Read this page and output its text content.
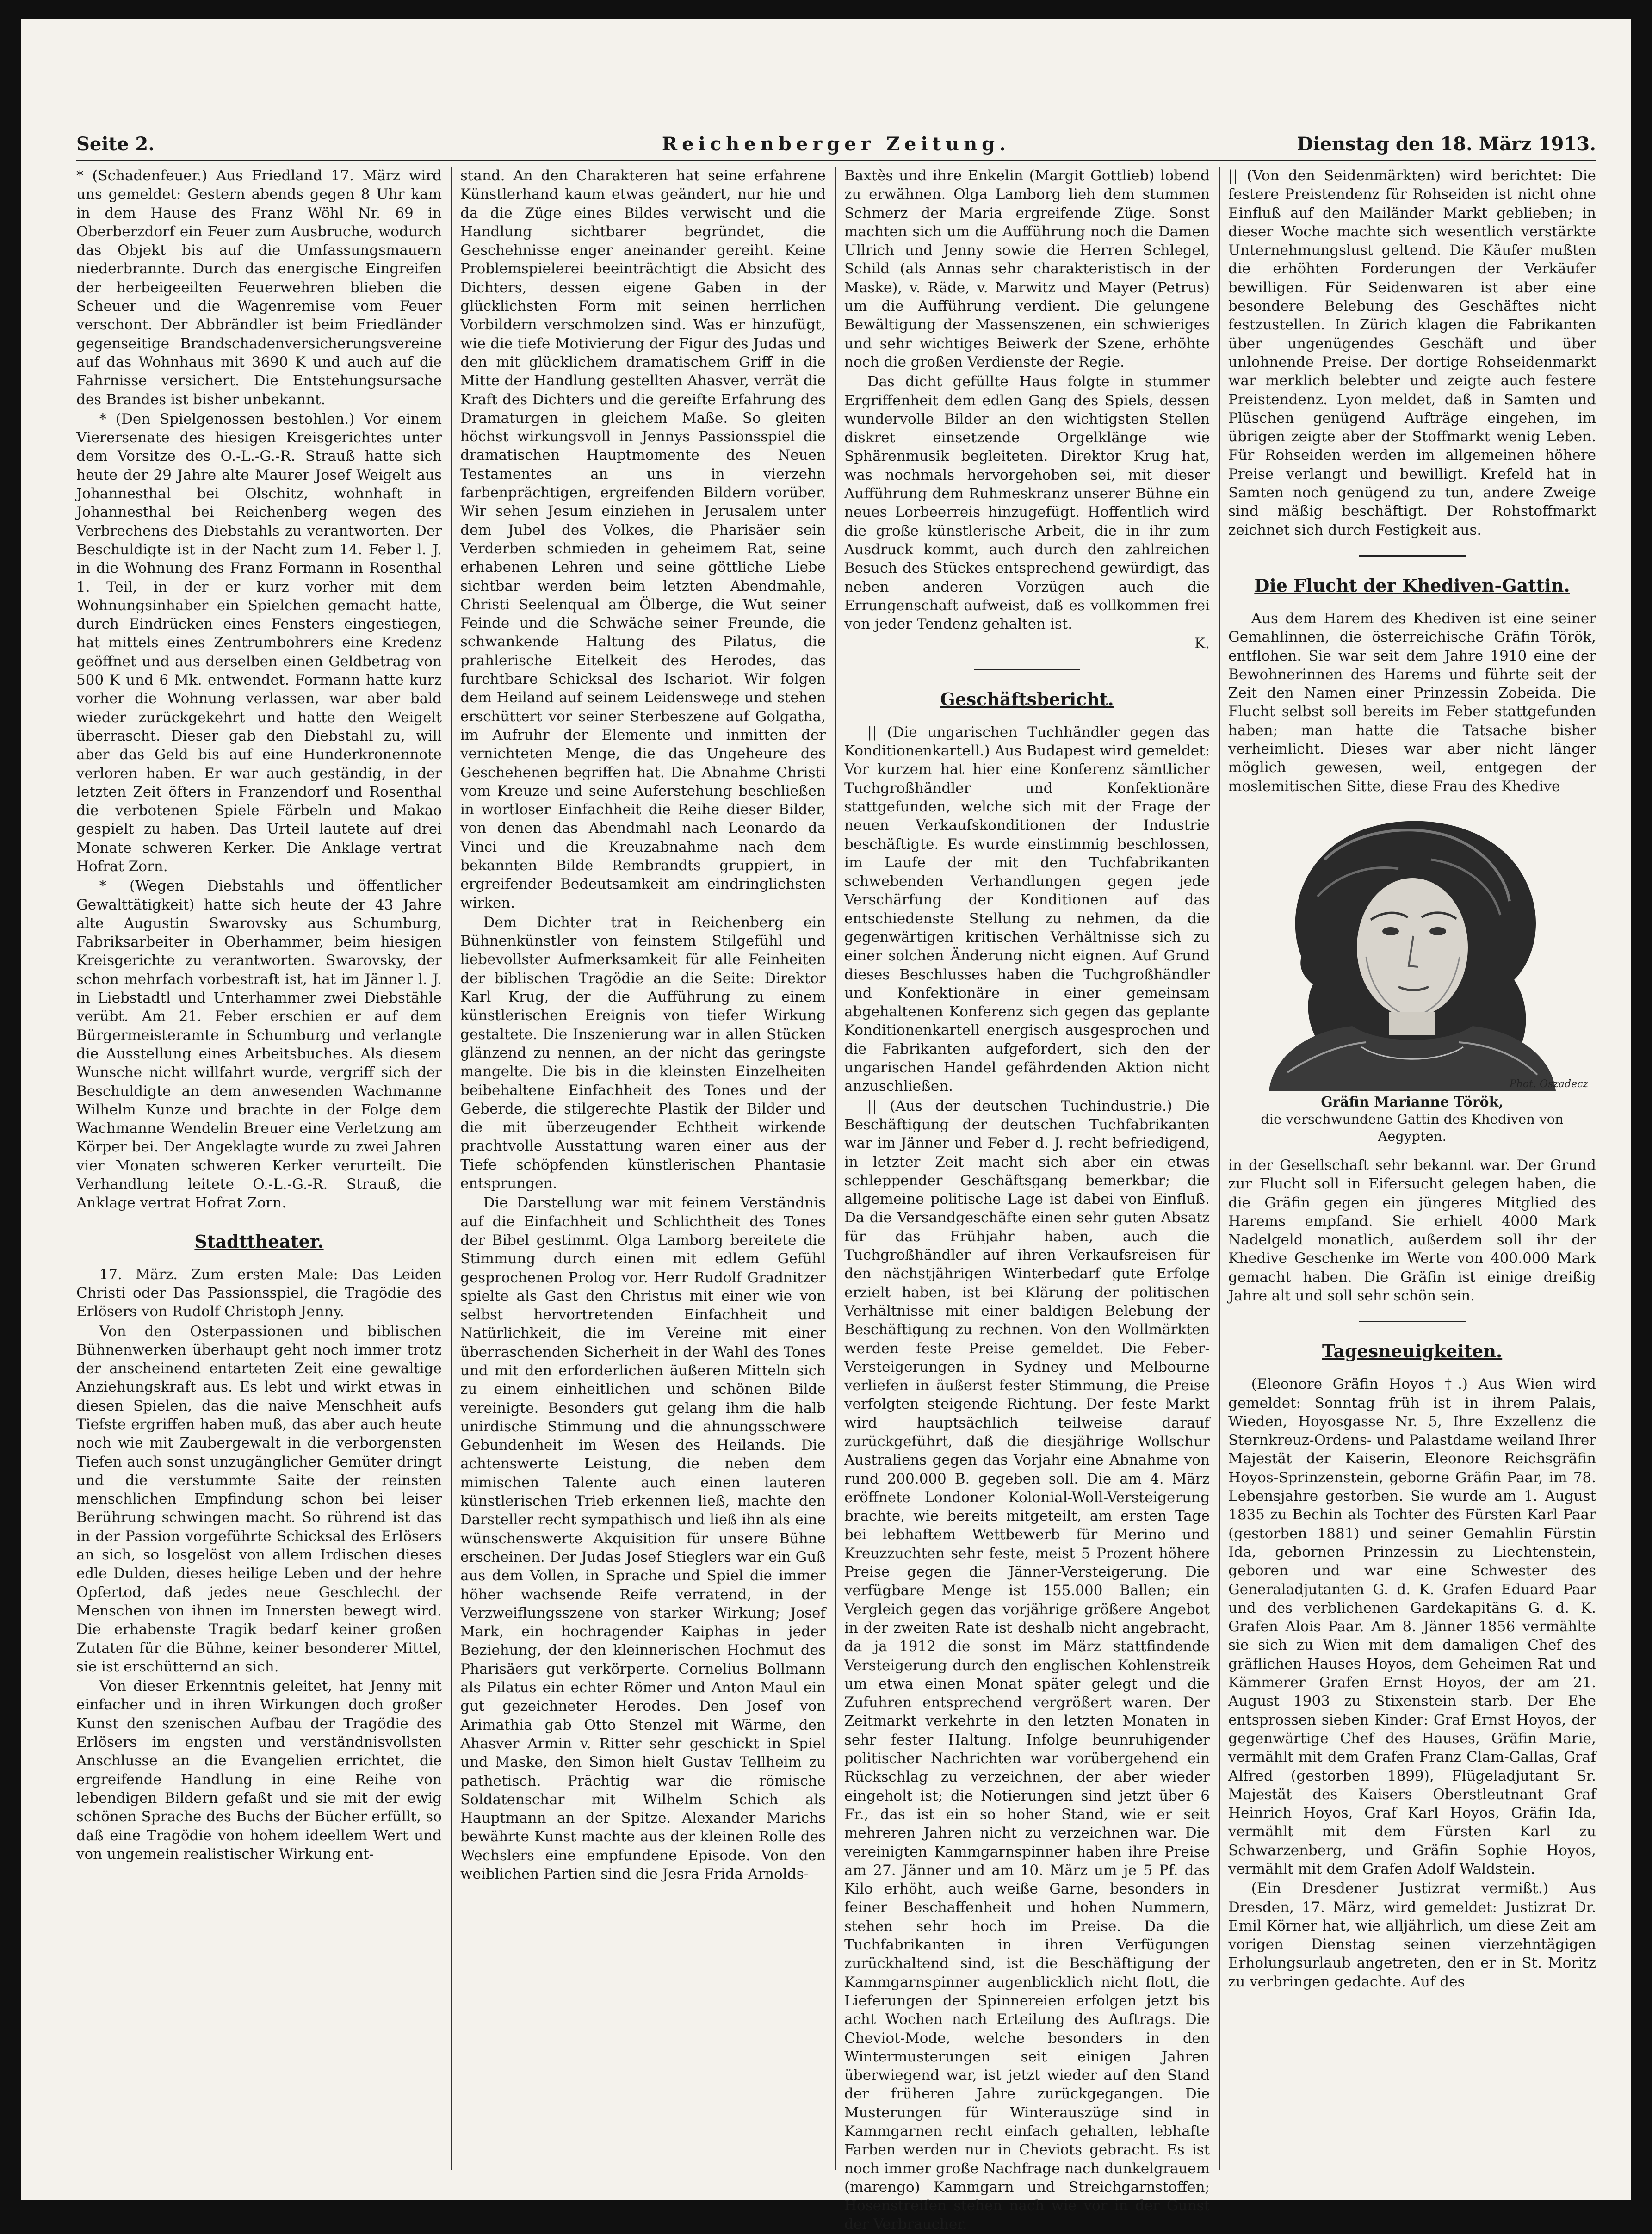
Seite 2.	Reichenberger Zeitung.	Dienstag den 18. März 1913.

* (Schadenfeuer.) Aus Friedland 17. März wird uns gemeldet: Gestern abends gegen 8 Uhr kam in dem Hause des Franz Wöhl Nr. 69 in Oberberzdorf ein Feuer zum Ausbruche, wodurch das Objekt bis auf die Umfassungsmauern niederbrannte. Durch das energische Eingreifen der herbeigeeilten Feuerwehren blieben die Scheuer und die Wagenremise vom Feuer verschont. Der Abbrändler ist beim Friedländer gegenseitige Brandschadenversicherungsvereine auf das Wohnhaus mit 3690 K und auch auf die Fahrnisse versichert. Die Entstehungsursache des Brandes ist bisher unbekannt.

* (Den Spielgenossen bestohlen.) Vor einem Vierersenate des hiesigen Kreisgerichtes unter dem Vorsitze des O.-L.-G.-R. Strauß hatte sich heute der 29 Jahre alte Maurer Josef Weigelt aus Johannesthal bei Olschitz, wohnhaft in Johannesthal bei Reichenberg wegen des Verbrechens des Diebstahls zu verantworten. Der Beschuldigte ist in der Nacht zum 14. Feber l. J. in die Wohnung des Franz Formann in Rosenthal 1. Teil, in der er kurz vorher mit dem Wohnungsinhaber ein Spielchen gemacht hatte, durch Eindrücken eines Fensters eingestiegen, hat mittels eines Zentrumbohrers eine Kredenz geöffnet und aus derselben einen Geldbetrag von 500 K und 6 Mk. entwendet. Formann hatte kurz vorher die Wohnung verlassen, war aber bald wieder zurückgekehrt und hatte den Weigelt überrascht. Dieser gab den Diebstahl zu, will aber das Geld bis auf eine Hunderkronennote verloren haben. Er war auch geständig, in der letzten Zeit öfters in Franzendorf und Rosenthal die verbotenen Spiele Färbeln und Makao gespielt zu haben. Das Urteil lautete auf drei Monate schweren Kerker. Die Anklage vertrat Hofrat Zorn.

* (Wegen Diebstahls und öffentlicher Gewalttätigkeit) hatte sich heute der 43 Jahre alte Augustin Swarovsky aus Schumburg, Fabriksarbeiter in Oberhammer, beim hiesigen Kreisgerichte zu verantworten. Swarovsky, der schon mehrfach vorbestraft ist, hat im Jänner l. J. in Liebstadtl und Unterhammer zwei Diebstähle verübt. Am 21. Feber erschien er auf dem Bürgermeisteramte in Schumburg und verlangte die Ausstellung eines Arbeitsbuches. Als diesem Wunsche nicht willfahrt wurde, vergriff sich der Beschuldigte an dem anwesenden Wachmanne Wilhelm Kunze und brachte in der Folge dem Wachmanne Wendelin Breuer eine Verletzung am Körper bei. Der Angeklagte wurde zu zwei Jahren vier Monaten schweren Kerker verurteilt. Die Verhandlung leitete O.-L.-G.-R. Strauß, die Anklage vertrat Hofrat Zorn.

Stadttheater.

17. März. Zum ersten Male: Das Leiden Christi oder Das Passionsspiel, die Tragödie des Erlösers von Rudolf Christoph Jenny.

Von den Osterpassionen und biblischen Bühnenwerken überhaupt geht noch immer trotz der anscheinend entarteten Zeit eine gewaltige Anziehungskraft aus. Es lebt und wirkt etwas in diesen Spielen, das die naive Menschheit aufs Tiefste ergriffen haben muß, das aber auch heute noch wie mit Zaubergewalt in die verborgensten Tiefen auch sonst unzugänglicher Gemüter dringt und die verstummte Saite der reinsten menschlichen Empfindung schon bei leiser Berührung schwingen macht. So rührend ist das in der Passion vorgeführte Schicksal des Erlösers an sich, so losgelöst von allem Irdischen dieses edle Dulden, dieses heilige Leben und der hehre Opfertod, daß jedes neue Geschlecht der Menschen von ihnen im Innersten bewegt wird. Die erhabenste Tragik bedarf keiner großen Zutaten für die Bühne, keiner besonderer Mittel, sie ist erschütternd an sich.

Von dieser Erkenntnis geleitet, hat Jenny mit einfacher und in ihren Wirkungen doch großer Kunst den szenischen Aufbau der Tragödie des Erlösers im engsten und verständnisvollsten Anschlusse an die Evangelien errichtet, die ergreifende Handlung in eine Reihe von lebendigen Bildern gefaßt und sie mit der ewig schönen Sprache des Buchs der Bücher erfüllt, so daß eine Tragödie von hohem ideellem Wert und von ungemein realistischer Wirkung ent-

stand. An den Charakteren hat seine erfahrene Künstlerhand kaum etwas geändert, nur hie und da die Züge eines Bildes verwischt und die Handlung sichtbarer begründet, die Geschehnisse enger aneinander gereiht. Keine Problemspielerei beeinträchtigt die Absicht des Dichters, dessen eigene Gaben in der glücklichsten Form mit seinen herrlichen Vorbildern verschmolzen sind. Was er hinzufügt, wie die tiefe Motivierung der Figur des Judas und den mit glücklichem dramatischem Griff in die Mitte der Handlung gestellten Ahasver, verrät die Kraft des Dichters und die gereifte Erfahrung des Dramaturgen in gleichem Maße. So gleiten höchst wirkungsvoll in Jennys Passionsspiel die dramatischen Hauptmomente des Neuen Testamentes an uns in vierzehn farbenprächtigen, ergreifenden Bildern vorüber. Wir sehen Jesum einziehen in Jerusalem unter dem Jubel des Volkes, die Pharisäer sein Verderben schmieden in geheimem Rat, seine erhabenen Lehren und seine göttliche Liebe sichtbar werden beim letzten Abendmahle, Christi Seelenqual am Ölberge, die Wut seiner Feinde und die Schwäche seiner Freunde, die schwankende Haltung des Pilatus, die prahlerische Eitelkeit des Herodes, das furchtbare Schicksal des Ischariot. Wir folgen dem Heiland auf seinem Leidenswege und stehen erschüttert vor seiner Sterbeszene auf Golgatha, im Aufruhr der Elemente und inmitten der vernichteten Menge, die das Ungeheure des Geschehenen begriffen hat. Die Abnahme Christi vom Kreuze und seine Auferstehung beschließen in wortloser Einfachheit die Reihe dieser Bilder, von denen das Abendmahl nach Leonardo da Vinci und die Kreuzabnahme nach dem bekannten Bilde Rembrandts gruppiert, in ergreifender Bedeutsamkeit am eindringlichsten wirken.

Dem Dichter trat in Reichenberg ein Bühnenkünstler von feinstem Stilgefühl und liebevollster Aufmerksamkeit für alle Feinheiten der biblischen Tragödie an die Seite: Direktor Karl Krug, der die Aufführung zu einem künstlerischen Ereignis von tiefer Wirkung gestaltete. Die Inszenierung war in allen Stücken glänzend zu nennen, an der nicht das geringste mangelte. Die bis in die kleinsten Einzelheiten beibehaltene Einfachheit des Tones und der Geberde, die stilgerechte Plastik der Bilder und die mit überzeugender Echtheit wirkende prachtvolle Ausstattung waren einer aus der Tiefe schöpfenden künstlerischen Phantasie entsprungen.

Die Darstellung war mit feinem Verständnis auf die Einfachheit und Schlichtheit des Tones der Bibel gestimmt. Olga Lamborg bereitete die Stimmung durch einen mit edlem Gefühl gesprochenen Prolog vor. Herr Rudolf Gradnitzer spielte als Gast den Christus mit einer wie von selbst hervortretenden Einfachheit und Natürlichkeit, die im Vereine mit einer überraschenden Sicherheit in der Wahl des Tones und mit den erforderlichen äußeren Mitteln sich zu einem einheitlichen und schönen Bilde vereinigte. Besonders gut gelang ihm die halb unirdische Stimmung und die ahnungsschwere Gebundenheit im Wesen des Heilands. Die achtenswerte Leistung, die neben dem mimischen Talente auch einen lauteren künstlerischen Trieb erkennen ließ, machte den Darsteller recht sympathisch und ließ ihn als eine wünschenswerte Akquisition für unsere Bühne erscheinen. Der Judas Josef Stieglers war ein Guß aus dem Vollen, in Sprache und Spiel die immer höher wachsende Reife verratend, in der Verzweiflungsszene von starker Wirkung; Josef Mark, ein hochragender Kaiphas in jeder Beziehung, der den kleinnerischen Hochmut des Pharisäers gut verkörperte. Cornelius Bollmann als Pilatus ein echter Römer und Anton Maul ein gut gezeichneter Herodes. Den Josef von Arimathia gab Otto Stenzel mit Wärme, den Ahasver Armin v. Ritter sehr geschickt in Spiel und Maske, den Simon hielt Gustav Tellheim zu pathetisch. Prächtig war die römische Soldatenschar mit Wilhelm Schich als Hauptmann an der Spitze. Alexander Marichs bewährte Kunst machte aus der kleinen Rolle des Wechslers eine empfundene Episode. Von den weiblichen Partien sind die Jesra Frida Arnolds-

Baxtès und ihre Enkelin (Margit Gottlieb) lobend zu erwähnen. Olga Lamborg lieh dem stummen Schmerz der Maria ergreifende Züge. Sonst machten sich um die Aufführung noch die Damen Ullrich und Jenny sowie die Herren Schlegel, Schild (als Annas sehr charakteristisch in der Maske), v. Räde, v. Marwitz und Mayer (Petrus) um die Aufführung verdient. Die gelungene Bewältigung der Massenszenen, ein schwieriges und sehr wichtiges Beiwerk der Szene, erhöhte noch die großen Verdienste der Regie.

Das dicht gefüllte Haus folgte in stummer Ergriffenheit dem edlen Gang des Spiels, dessen wundervolle Bilder an den wichtigsten Stellen diskret einsetzende Orgelklänge wie Sphärenmusik begleiteten. Direktor Krug hat, was nochmals hervorgehoben sei, mit dieser Aufführung dem Ruhmeskranz unserer Bühne ein neues Lorbeerreis hinzugefügt. Hoffentlich wird die große künstlerische Arbeit, die in ihr zum Ausdruck kommt, auch durch den zahlreichen Besuch des Stückes entsprechend gewürdigt, das neben anderen Vorzügen auch die Errungenschaft aufweist, daß es vollkommen frei von jeder Tendenz gehalten ist.

K.

Geschäftsbericht.

|| (Die ungarischen Tuchhändler gegen das Konditionenkartell.) Aus Budapest wird gemeldet: Vor kurzem hat hier eine Konferenz sämtlicher Tuchgroßhändler und Konfektionäre stattgefunden, welche sich mit der Frage der neuen Verkaufskonditionen der Industrie beschäftigte. Es wurde einstimmig beschlossen, im Laufe der mit den Tuchfabrikanten schwebenden Verhandlungen gegen jede Verschärfung der Konditionen auf das entschiedenste Stellung zu nehmen, da die gegenwärtigen kritischen Verhältnisse sich zu einer solchen Änderung nicht eignen. Auf Grund dieses Beschlusses haben die Tuchgroßhändler und Konfektionäre in einer gemeinsam abgehaltenen Konferenz sich gegen das geplante Konditionenkartell energisch ausgesprochen und die Fabrikanten aufgefordert, sich den der ungarischen Handel gefährdenden Aktion nicht anzuschließen.

|| (Aus der deutschen Tuchindustrie.) Die Beschäftigung der deutschen Tuchfabrikanten war im Jänner und Feber d. J. recht befriedigend, in letzter Zeit macht sich aber ein etwas schleppender Geschäftsgang bemerkbar; die allgemeine politische Lage ist dabei von Einfluß. Da die Versandgeschäfte einen sehr guten Absatz für das Frühjahr haben, auch die Tuchgroßhändler auf ihren Verkaufsreisen für den nächstjährigen Winterbedarf gute Erfolge erzielt haben, ist bei Klärung der politischen Verhältnisse mit einer baldigen Belebung der Beschäftigung zu rechnen. Von den Wollmärkten werden feste Preise gemeldet. Die Feber-Versteigerungen in Sydney und Melbourne verliefen in äußerst fester Stimmung, die Preise verfolgten steigende Richtung. Der feste Markt wird hauptsächlich teilweise darauf zurückgeführt, daß die diesjährige Wollschur Australiens gegen das Vorjahr eine Abnahme von rund 200.000 B. gegeben soll. Die am 4. März eröffnete Londoner Kolonial-Woll-Versteigerung brachte, wie bereits mitgeteilt, am ersten Tage bei lebhaftem Wettbewerb für Merino und Kreuzzuchten sehr feste, meist 5 Prozent höhere Preise gegen die Jänner-Versteigerung. Die verfügbare Menge ist 155.000 Ballen; ein Vergleich gegen das vorjährige größere Angebot in der zweiten Rate ist deshalb nicht angebracht, da ja 1912 die sonst im März stattfindende Versteigerung durch den englischen Kohlenstreik um etwa einen Monat später gelegt und die Zufuhren entsprechend vergrößert waren. Der Zeitmarkt verkehrte in den letzten Monaten in sehr fester Haltung. Infolge beunruhigender politischer Nachrichten war vorübergehend ein Rückschlag zu verzeichnen, der aber wieder eingeholt ist; die Notierungen sind jetzt über 6 Fr., das ist ein so hoher Stand, wie er seit mehreren Jahren nicht zu verzeichnen war. Die vereinigten Kammgarnspinner haben ihre Preise am 27. Jänner und am 10. März um je 5 Pf. das Kilo erhöht, auch weiße Garne, besonders in feiner Beschaffenheit und hohen Nummern, stehen sehr hoch im Preise. Da die Tuchfabrikanten in ihren Verfügungen zurückhaltend sind, ist die Beschäftigung der Kammgarnspinner augenblicklich nicht flott, die Lieferungen der Spinnereien erfolgen jetzt bis acht Wochen nach Erteilung des Auftrags. Die Cheviot-Mode, welche besonders in den Wintermusterungen seit einigen Jahren überwiegend war, ist jetzt wieder auf den Stand der früheren Jahre zurückgegangen. Die Musterungen für Winterauszüge sind in Kammgarnen recht einfach gehalten, lebhafte Farben werden nur in Cheviots gebracht. Es ist noch immer große Nachfrage nach dunkelgrauem (marengo) Kammgarn und Streichgarnstoffen; Hosenstreifen stehen nach wie vor in der Gunst der Verbraucher.

|| (Von den Seidenmärkten) wird berichtet: Die festere Preistendenz für Rohseiden ist nicht ohne Einfluß auf den Mailänder Markt geblieben; in dieser Woche machte sich wesentlich verstärkte Unternehmungslust geltend. Die Käufer mußten die erhöhten Forderungen der Verkäufer bewilligen. Für Seidenwaren ist aber eine besondere Belebung des Geschäftes nicht festzustellen. In Zürich klagen die Fabrikanten über ungenügendes Geschäft und über unlohnende Preise. Der dortige Rohseidenmarkt war merklich belebter und zeigte auch festere Preistendenz. Lyon meldet, daß in Samten und Plüschen genügend Aufträge eingehen, im übrigen zeigte aber der Stoffmarkt wenig Leben. Für Rohseiden werden im allgemeinen höhere Preise verlangt und bewilligt. Krefeld hat in Samten noch genügend zu tun, andere Zweige sind mäßig beschäftigt. Der Rohstoffmarkt zeichnet sich durch Festigkeit aus.

Die Flucht der Khediven-Gattin.

Aus dem Harem des Khediven ist eine seiner Gemahlinnen, die österreichische Gräfin Török, entflohen. Sie war seit dem Jahre 1910 eine der Bewohnerinnen des Harems und führte seit der Zeit den Namen einer Prinzessin Zobeida. Die Flucht selbst soll bereits im Feber stattgefunden haben; man hatte die Tatsache bisher verheimlicht. Dieses war aber nicht länger möglich gewesen, weil, entgegen der moslemitischen Sitte, diese Frau des Khedive

Phot. Oszadecz
Gräfin Marianne Török,
die verschwundene Gattin des Khediven von Aegypten.

in der Gesellschaft sehr bekannt war. Der Grund zur Flucht soll in Eifersucht gelegen haben, die die Gräfin gegen ein jüngeres Mitglied des Harems empfand. Sie erhielt 4000 Mark Nadelgeld monatlich, außerdem soll ihr der Khedive Geschenke im Werte von 400.000 Mark gemacht haben. Die Gräfin ist einige dreißig Jahre alt und soll sehr schön sein.

Tagesneuigkeiten.

(Eleonore Gräfin Hoyos †.) Aus Wien wird gemeldet: Sonntag früh ist in ihrem Palais, Wieden, Hoyosgasse Nr. 5, Ihre Exzellenz die Sternkreuz-Ordens- und Palastdame weiland Ihrer Majestät der Kaiserin, Eleonore Reichsgräfin Hoyos-Sprinzenstein, geborne Gräfin Paar, im 78. Lebensjahre gestorben. Sie wurde am 1. August 1835 zu Bechin als Tochter des Fürsten Karl Paar (gestorben 1881) und seiner Gemahlin Fürstin Ida, gebornen Prinzessin zu Liechtenstein, geboren und war eine Schwester des Generaladjutanten G. d. K. Grafen Eduard Paar und des verblichenen Gardekapitäns G. d. K. Grafen Alois Paar. Am 8. Jänner 1856 vermählte sie sich zu Wien mit dem damaligen Chef des gräflichen Hauses Hoyos, dem Geheimen Rat und Kämmerer Grafen Ernst Hoyos, der am 21. August 1903 zu Stixenstein starb. Der Ehe entsprossen sieben Kinder: Graf Ernst Hoyos, der gegenwärtige Chef des Hauses, Gräfin Marie, vermählt mit dem Grafen Franz Clam-Gallas, Graf Alfred (gestorben 1899), Flügeladjutant Sr. Majestät des Kaisers Oberstleutnant Graf Heinrich Hoyos, Graf Karl Hoyos, Gräfin Ida, vermählt mit dem Fürsten Karl zu Schwarzenberg, und Gräfin Sophie Hoyos, vermählt mit dem Grafen Adolf Waldstein.

(Ein Dresdener Justizrat vermißt.) Aus Dresden, 17. März, wird gemeldet: Justizrat Dr. Emil Körner hat, wie alljährlich, um diese Zeit am vorigen Dienstag seinen vierzehntägigen Erholungsurlaub angetreten, den er in St. Moritz zu verbringen gedachte. Auf des
